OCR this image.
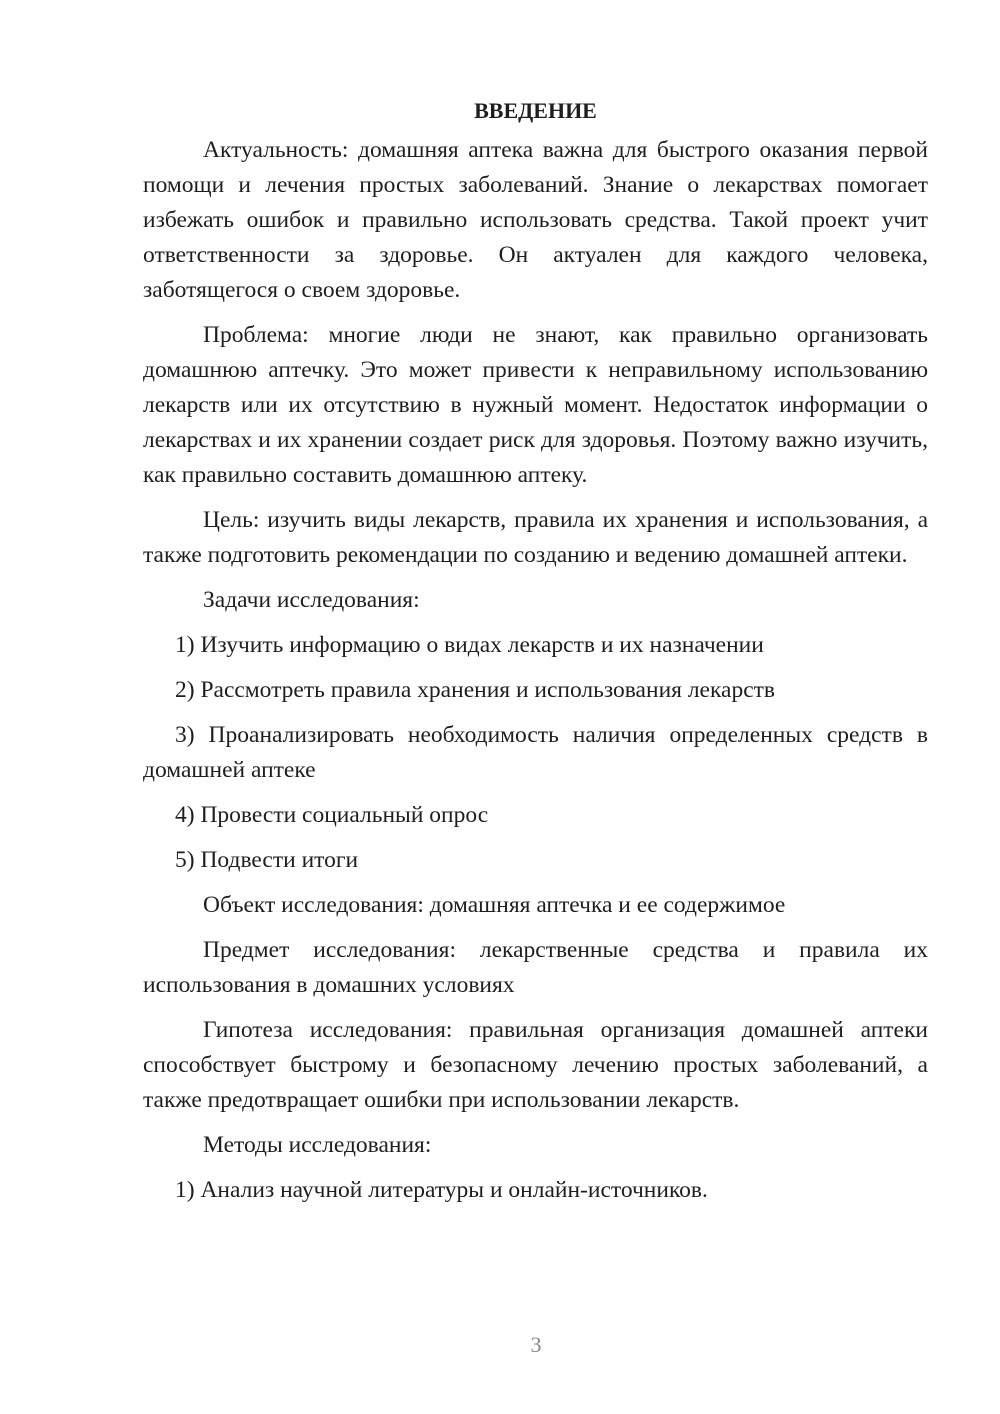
ВВЕДЕНИЕ

Актуальность: домашняя аптека важна для быстрого оказания первой помощи и лечения простых заболеваний. Знание о лекарствах помогает избежать ошибок и правильно использовать средства. Такой проект учит ответственности за здоровье. Он актуален для каждого человека, заботящегося о своем здоровье.

Проблема: многие люди не знают, как правильно организовать домашнюю аптечку. Это может привести к неправильному использованию лекарств или их отсутствию в нужный момент. Недостаток информации о лекарствах и их хранении создает риск для здоровья. Поэтому важно изучить, как правильно составить домашнюю аптеку.

Цель: изучить виды лекарств, правила их хранения и использования, а также подготовить рекомендации по созданию и ведению домашней аптеки.

Задачи исследования:

1) Изучить информацию о видах лекарств и их назначении

2) Рассмотреть правила хранения и использования лекарств

3) Проанализировать необходимость наличия определенных средств в домашней аптеке

4) Провести социальный опрос

5) Подвести итоги

Объект исследования: домашняя аптечка и ее содержимое

Предмет исследования: лекарственные средства и правила их использования в домашних условиях

Гипотеза исследования: правильная организация домашней аптеки способствует быстрому и безопасному лечению простых заболеваний, а также предотвращает ошибки при использовании лекарств.

Методы исследования:

1) Анализ научной литературы и онлайн-источников.

3
